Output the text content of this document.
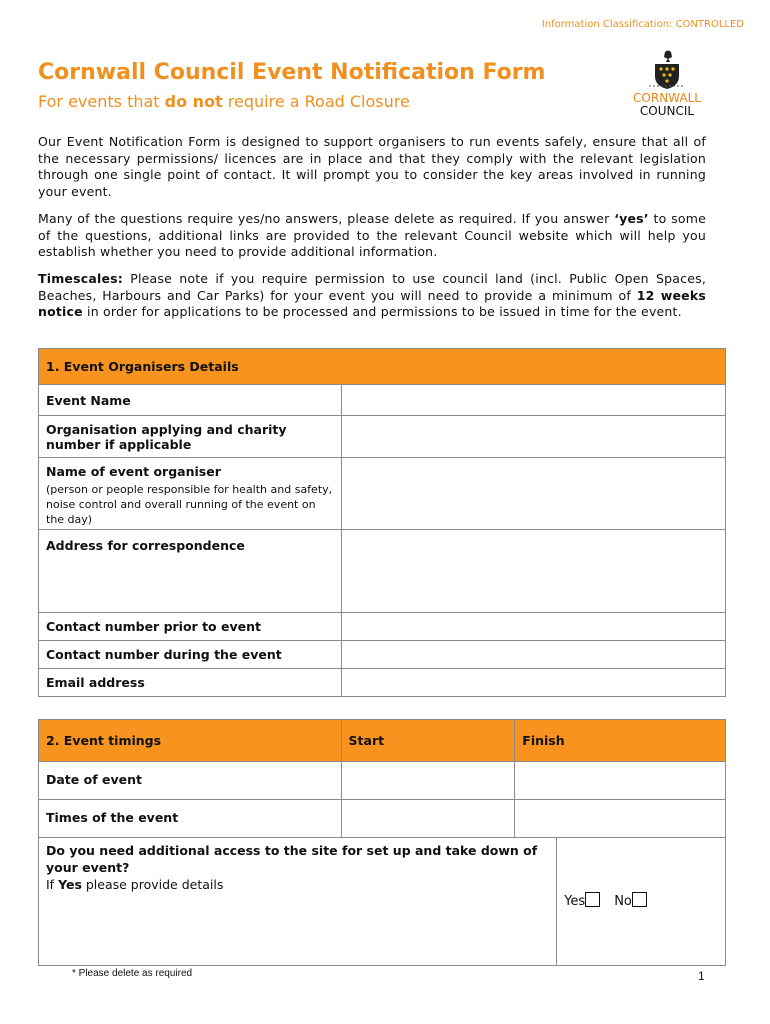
Information Classification: CONTROLLED
Cornwall Council Event Notification Form

For events that do not require a Road Closure	CORNWALL
COUNCIL

Our Event Notification Form is designed to support organisers to run events safely, ensure that all of the necessary permissions/ licences are in place and that they comply with the relevant legislation through one single point of contact. It will prompt you to consider the key areas involved in running your event.

Many of the questions require yes/no answers, please delete as required. If you answer ‘yes’ to some of the questions, additional links are provided to the relevant Council website which will help you establish whether you need to provide additional information.

Timescales: Please note if you require permission to use council land (incl. Public Open Spaces, Beaches, Harbours and Car Parks) for your event you will need to provide a minimum of 12 weeks notice in order for applications to be processed and permissions to be issued in time for the event.

1. Event Organisers Details	
Event Name	
Organisation applying and charity number if applicable	
Name of event organiser
(person or people responsible for health and safety, noise control and overall running of the event on the day)	

Address for correspondence	
Contact number prior to event	
Contact number during the event	
Email address	
2. Event timings	Start	Finish	
Date of event			
Times of the event			

Do you need additional access to the site for set up and take down of your event?
If Yes please provide details			Yes No
* Please delete as required	1
